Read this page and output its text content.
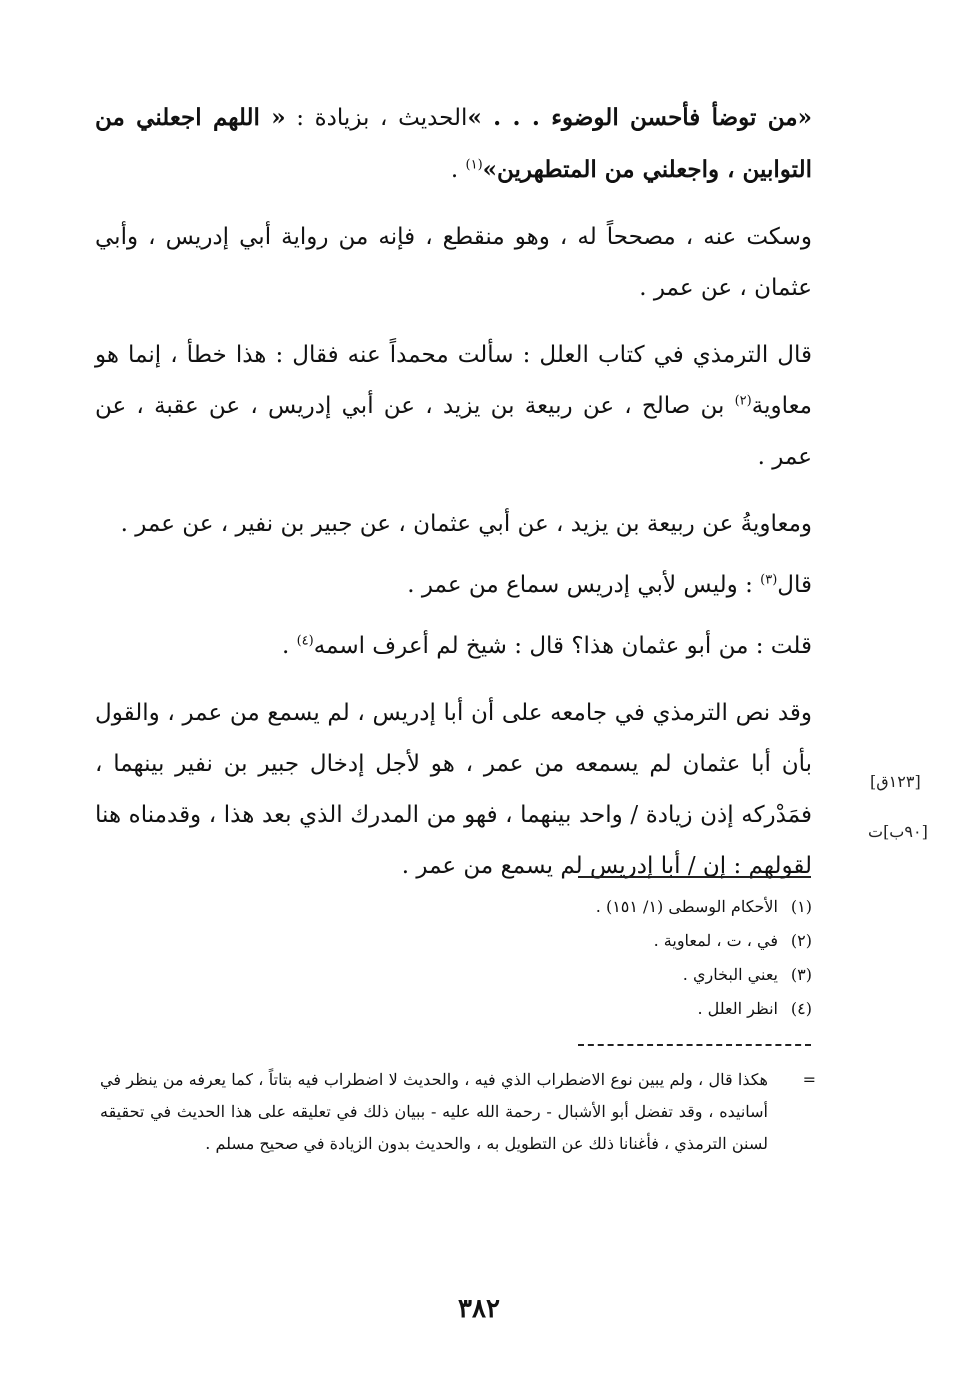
«من توضأ فأحسن الوضوء . . . »الحديث ، بزيادة : « اللهم اجعلني من التوابين ، واجعلني من المتطهرين»$^{(١)}$ .

وسكت عنه ، مصححاً له ، وهو منقطع ، فإنه من رواية أبي إدريس ، وأبي عثمان ، عن عمر .

قال الترمذي في كتاب العلل : سألت محمداً عنه فقال : هذا خطأ ، إنما هو معاوية$^{(٢)}$ بن صالح ، عن ربيعة بن يزيد ، عن أبي إدريس ، عن عقبة ، عن عمر .

ومعاويةُ عن ربيعة بن يزيد ، عن أبي عثمان ، عن جبير بن نفير ، عن عمر .

قال$^{(٣)}$ : وليس لأبي إدريس سماع من عمر .

قلت : من أبو عثمان هذا؟ قال : شيخ لم أعرف اسمه$^{(٤)}$ .

وقد نص الترمذي في جامعه على أن أبا إدريس ، لم يسمع من عمر ، والقول بأن أبا عثمان لم يسمعه من عمر ، هو لأجل إدخال جبير بن نفير بينهما ، فمَدْركه إذن زيادة / واحد بينهما ، فهو من المدرك الذي بعد هذا ، وقدمناه هنا لقولهم : إن / أبا إدريس لم يسمع من عمر .

[١٢٣ق]
[٩٠ب]ت
(١)الأحكام الوسطى (١/ ١٥١) .
(٢)في ، ت ، لمعاوية .
(٣)يعني البخاري .
(٤)انظر العلل .
=
هكذا قال ، ولم يبين نوع الاضطراب الذي فيه ، والحديث لا اضطراب فيه بتاتاً ، كما يعرفه من ينظر في أسانيده ، وقد تفضل أبو الأشبال - رحمة الله عليه - ببيان ذلك في تعليقه على هذا الحديث في تحقيقه لسنن الترمذي ، فأغنانا ذلك عن التطويل به ، والحديث بدون الزيادة في صحيح مسلم .
٣٨٢
